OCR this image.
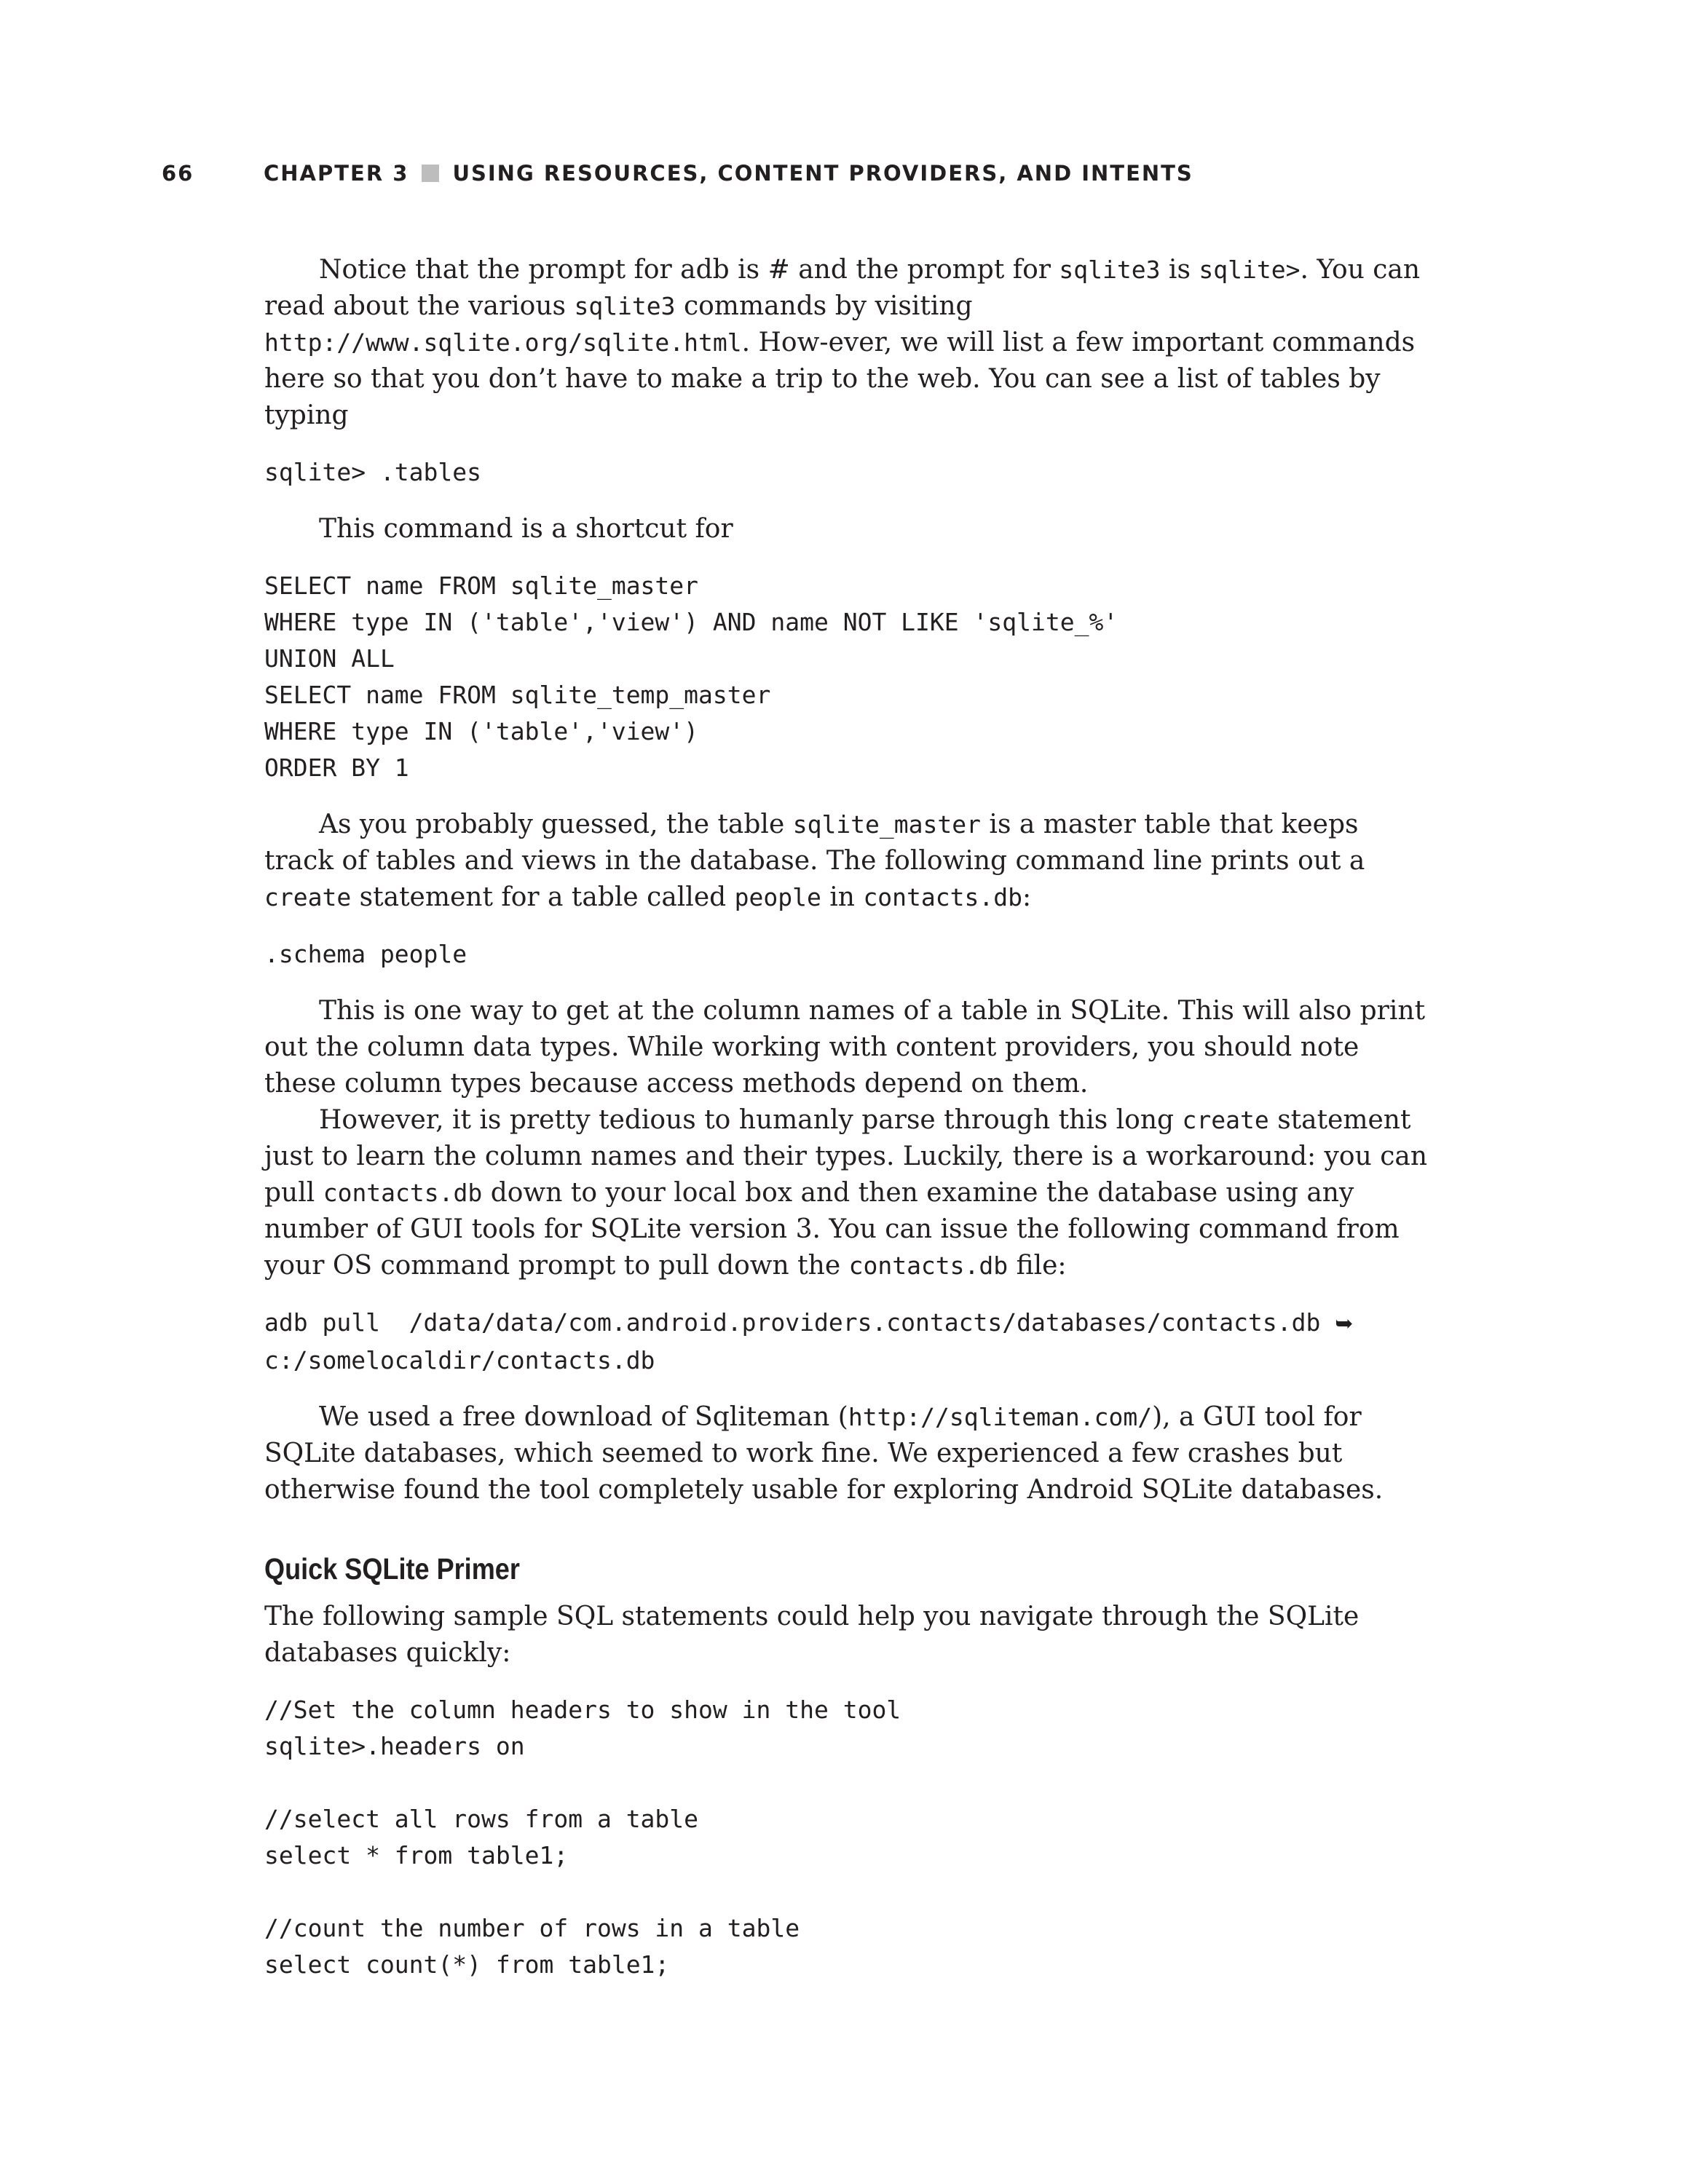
66	CHAPTER 3 USING RESOURCES, CONTENT PROVIDERS, AND INTENTS

Notice that the prompt for adb is # and the prompt for sqlite3 is sqlite>. You can read about the various sqlite3 commands by visiting http://www.sqlite.org/sqlite.html. How-ever, we will list a few important commands here so that you don’t have to make a trip to the web. You can see a list of tables by typing

sqlite> .tables

This command is a shortcut for

SELECT name FROM sqlite_master
WHERE type IN ('table','view') AND name NOT LIKE 'sqlite_%'
UNION ALL
SELECT name FROM sqlite_temp_master
WHERE type IN ('table','view')
ORDER BY 1

As you probably guessed, the table sqlite_master is a master table that keeps track of tables and views in the database. The following command line prints out a create statement for a table called people in contacts.db:

.schema people

This is one way to get at the column names of a table in SQLite. This will also print out the column data types. While working with content providers, you should note these column types because access methods depend on them.

However, it is pretty tedious to humanly parse through this long create statement just to learn the column names and their types. Luckily, there is a workaround: you can pull contacts.db down to your local box and then examine the database using any number of GUI tools for SQLite version 3. You can issue the following command from your OS command prompt to pull down the contacts.db file:

adb pull  /data/data/com.android.providers.contacts/databases/contacts.db ➥
c:/somelocaldir/contacts.db

We used a free download of Sqliteman (http://sqliteman.com/), a GUI tool for SQLite databases, which seemed to work fine. We experienced a few crashes but otherwise found the tool completely usable for exploring Android SQLite databases.

Quick SQLite Primer

The following sample SQL statements could help you navigate through the SQLite databases quickly:

//Set the column headers to show in the tool
sqlite>.headers on

//select all rows from a table
select * from table1;

//count the number of rows in a table
select count(*) from table1;
